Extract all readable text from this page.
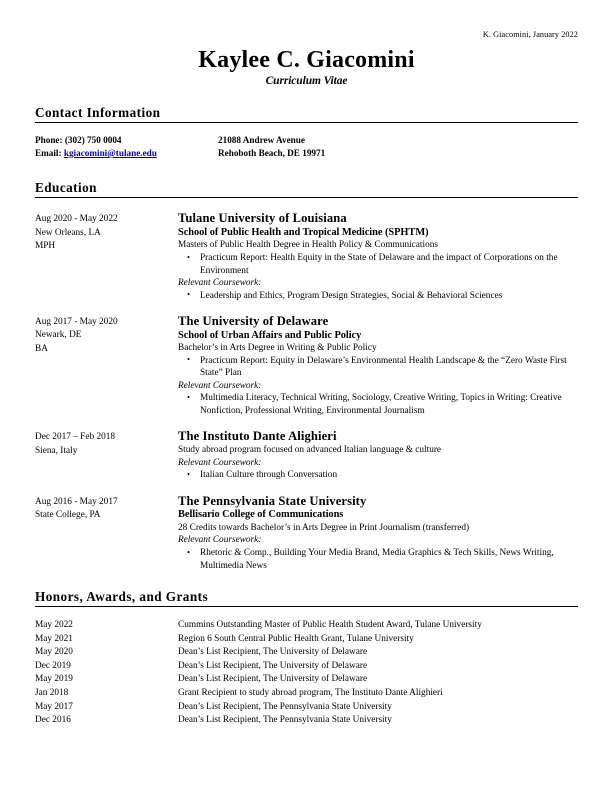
K. Giacomini, January 2022
Kaylee C. Giacomini
Curriculum Vitae
Contact Information
Phone: (302) 750 0004	21088 Andrew Avenue
Email: kgiacomini@tulane.edu	Rehoboth Beach, DE 19971
Education
Aug 2020 - May 2022
New Orleans, LA
MPH
Tulane University of Louisiana
School of Public Health and Tropical Medicine (SPHTM)
Masters of Public Health Degree in Health Policy & Communications
• Practicum Report: Health Equity in the State of Delaware and the impact of Corporations on the Environment
Relevant Coursework:
• Leadership and Ethics, Program Design Strategies, Social & Behavioral Sciences
Aug 2017 - May 2020
Newark, DE
BA
The University of Delaware
School of Urban Affairs and Public Policy
Bachelor’s in Arts Degree in Writing & Public Policy
• Practicum Report: Equity in Delaware’s Environmental Health Landscape & the “Zero Waste First State” Plan
Relevant Coursework:
• Multimedia Literacy, Technical Writing, Sociology, Creative Writing, Topics in Writing: Creative Nonfiction, Professional Writing, Environmental Journalism
Dec 2017 – Feb 2018
Siena, Italy
The Instituto Dante Alighieri
Study abroad program focused on advanced Italian language & culture
Relevant Coursework:
• Italian Culture through Conversation
Aug 2016 - May 2017
State College, PA
The Pennsylvania State University
Bellisario College of Communications
28 Credits towards Bachelor’s in Arts Degree in Print Journalism (transferred)
Relevant Coursework:
• Rhetoric & Comp., Building Your Media Brand, Media Graphics & Tech Skills, News Writing, Multimedia News
Honors, Awards, and Grants
May 2022	Cummins Outstanding Master of Public Health Student Award, Tulane University
May 2021	Region 6 South Central Public Health Grant, Tulane University
May 2020	Dean’s List Recipient, The University of Delaware
Dec 2019	Dean’s List Recipient, The University of Delaware
May 2019	Dean’s List Recipient, The University of Delaware
Jan 2018	Grant Recipient to study abroad program, The Instituto Dante Alighieri
May 2017	Dean’s List Recipient, The Pennsylvania State University
Dec 2016	Dean’s List Recipient, The Pennsylvania State University
